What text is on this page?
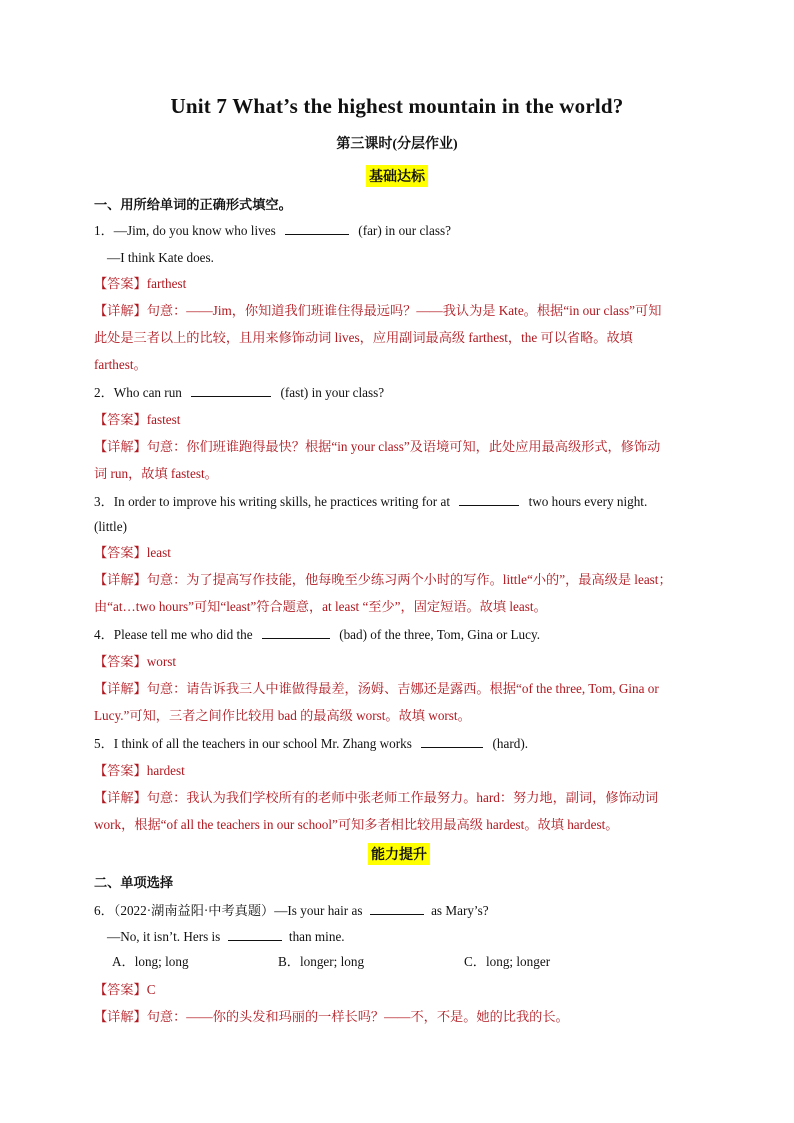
Unit 7 What’s the highest mountain in the world?
第三课时(分层作业)
基础达标
一、用所给单词的正确形式填空。
1．—Jim, do you know who lives	(far) in our class?
—I think Kate does.
【答案】farthest
【详解】句意：——Jim，你知道我们班谁住得最远吗？——我认为是 Kate。根据“in our class”可知
此处是三者以上的比较，且用来修饰动词 lives，应用副词最高级 farthest，the 可以省略。故填
farthest。
2．Who can run	(fast) in your class?
【答案】fastest
【详解】句意：你们班谁跑得最快？根据“in your class”及语境可知，此处应用最高级形式，修饰动
词 run，故填 fastest。
3．In order to improve his writing skills, he practices writing for at	two hours every night.
(little)
【答案】least
【详解】句意：为了提高写作技能，他每晚至少练习两个小时的写作。little“小的”，最高级是 least；
由“at…two hours”可知“least”符合题意，at least “至少”，固定短语。故填 least。
4．Please tell me who did the	(bad) of the three, Tom, Gina or Lucy.
【答案】worst
【详解】句意：请告诉我三人中谁做得最差，汤姆、吉娜还是露西。根据“of the three, Tom, Gina or
Lucy.”可知，三者之间作比较用 bad 的最高级 worst。故填 worst。
5．I think of all the teachers in our school Mr. Zhang works	(hard).
【答案】hardest
【详解】句意：我认为我们学校所有的老师中张老师工作最努力。hard：努力地，副词，修饰动词
work，根据“of all the teachers in our school”可知多者相比较用最高级 hardest。故填 hardest。
能力提升
二、单项选择
6．（2022·湖南益阳·中考真题）—Is your hair as	as Mary’s?
—No, it isn’t. Hers is	than mine.
A．long; long	B．longer; long	C．long; longer
【答案】C
【详解】句意：——你的头发和玛丽的一样长吗？——不，不是。她的比我的长。
